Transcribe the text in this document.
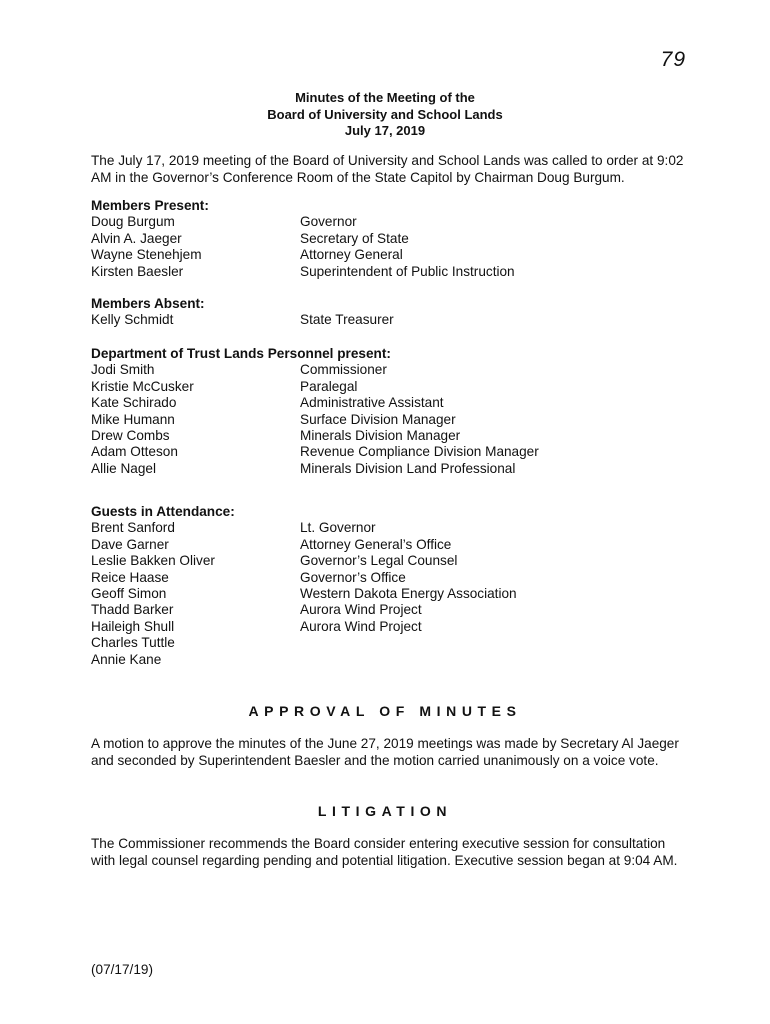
79
Minutes of the Meeting of the
Board of University and School Lands
July 17, 2019
The July 17, 2019 meeting of the Board of University and School Lands was called to order at 9:02 AM in the Governor’s Conference Room of the State Capitol by Chairman Doug Burgum.
Members Present:
Doug Burgum	Governor
Alvin A. Jaeger	Secretary of State
Wayne Stenehjem	Attorney General
Kirsten Baesler	Superintendent of Public Instruction
Members Absent:
Kelly Schmidt	State Treasurer
Department of Trust Lands Personnel present:
Jodi Smith	Commissioner
Kristie McCusker	Paralegal
Kate Schirado	Administrative Assistant
Mike Humann	Surface Division Manager
Drew Combs	Minerals Division Manager
Adam Otteson	Revenue Compliance Division Manager
Allie Nagel	Minerals Division Land Professional
Guests in Attendance:
Brent Sanford	Lt. Governor
Dave Garner	Attorney General’s Office
Leslie Bakken Oliver	Governor’s Legal Counsel
Reice Haase	Governor’s Office
Geoff Simon	Western Dakota Energy Association
Thadd Barker	Aurora Wind Project
Haileigh Shull	Aurora Wind Project
Charles Tuttle
Annie Kane
APPROVAL OF MINUTES
A motion to approve the minutes of the June 27, 2019 meetings was made by Secretary Al Jaeger and seconded by Superintendent Baesler and the motion carried unanimously on a voice vote.
LITIGATION
The Commissioner recommends the Board consider entering executive session for consultation with legal counsel regarding pending and potential litigation. Executive session began at 9:04 AM.
(07/17/19)
